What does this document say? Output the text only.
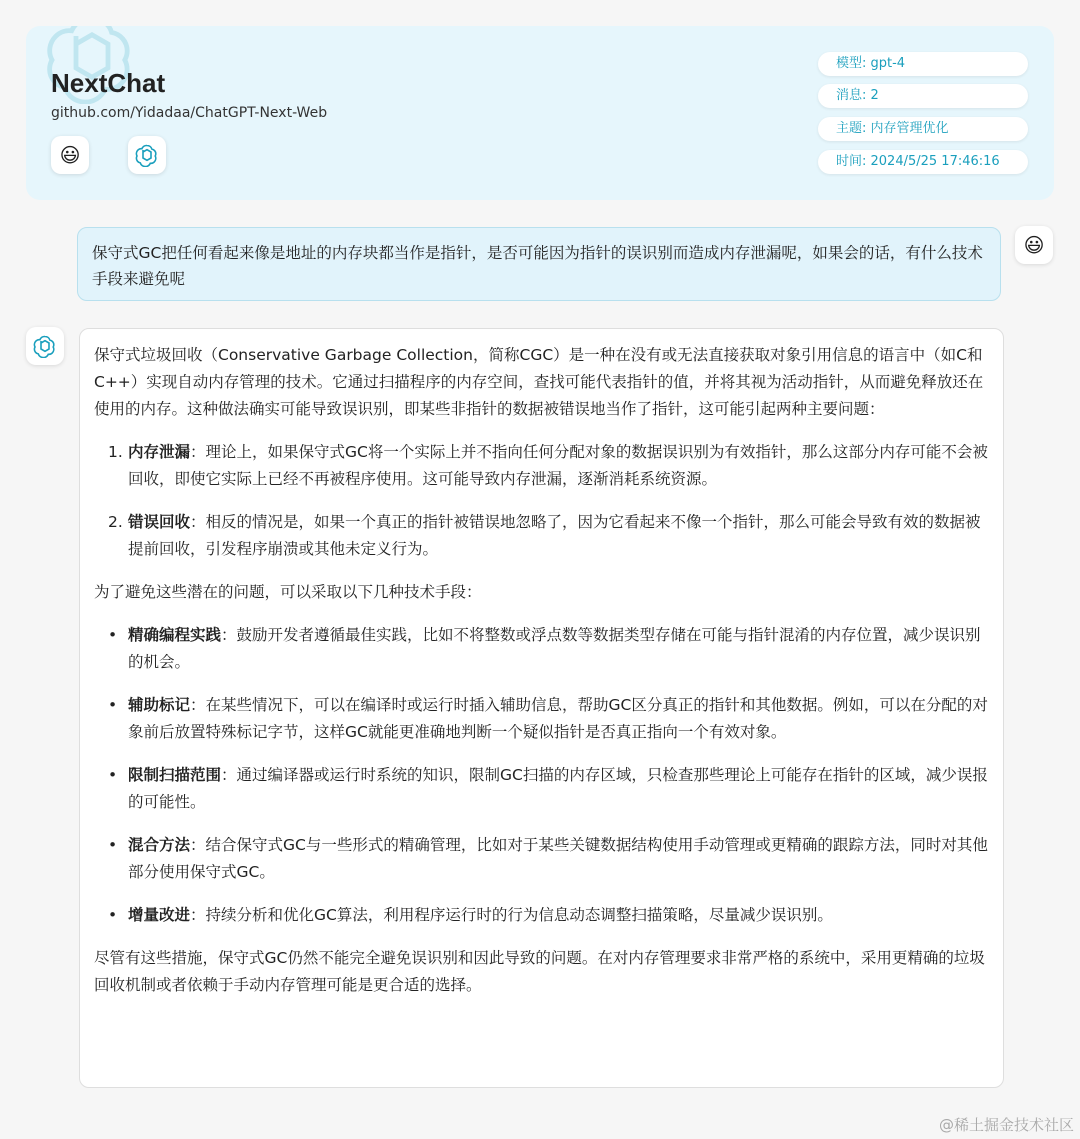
NextChat
github.com/Yidadaa/ChatGPT-Next-Web
😃
模型: gpt-4
消息: 2
主题: 内存管理优化
时间: 2024/5/25 17:46:16
保守式GC把任何看起来像是地址的内存块都当作是指针，是否可能因为指针的误识别而造成内存泄漏呢，如果会的话，有什么技术手段来避免呢
😃

保守式垃圾回收（Conservative Garbage Collection，简称CGC）是一种在没有或无法直接获取对象引用信息的语言中（如C和C++）实现自动内存管理的技术。它通过扫描程序的内存空间，查找可能代表指针的值，并将其视为活动指针，从而避免释放还在使用的内存。这种做法确实可能导致误识别，即某些非指针的数据被错误地当作了指针，这可能引起两种主要问题：

1. 内存泄漏：理论上，如果保守式GC将一个实际上并不指向任何分配对象的数据误识别为有效指针，那么这部分内存可能不会被回收，即使它实际上已经不再被程序使用。这可能导致内存泄漏，逐渐消耗系统资源。
2. 错误回收：相反的情况是，如果一个真正的指针被错误地忽略了，因为它看起来不像一个指针，那么可能会导致有效的数据被提前回收，引发程序崩溃或其他未定义行为。

为了避免这些潜在的问题，可以采取以下几种技术手段：

• 精确编程实践：鼓励开发者遵循最佳实践，比如不将整数或浮点数等数据类型存储在可能与指针混淆的内存位置，减少误识别的机会。
• 辅助标记：在某些情况下，可以在编译时或运行时插入辅助信息，帮助GC区分真正的指针和其他数据。例如，可以在分配的对象前后放置特殊标记字节，这样GC就能更准确地判断一个疑似指针是否真正指向一个有效对象。
• 限制扫描范围：通过编译器或运行时系统的知识，限制GC扫描的内存区域，只检查那些理论上可能存在指针的区域，减少误报的可能性。
• 混合方法：结合保守式GC与一些形式的精确管理，比如对于某些关键数据结构使用手动管理或更精确的跟踪方法，同时对其他部分使用保守式GC。
• 增量改进：持续分析和优化GC算法，利用程序运行时的行为信息动态调整扫描策略，尽量减少误识别。

尽管有这些措施，保守式GC仍然不能完全避免误识别和因此导致的问题。在对内存管理要求非常严格的系统中，采用更精确的垃圾回收机制或者依赖于手动内存管理可能是更合适的选择。

@稀土掘金技术社区
